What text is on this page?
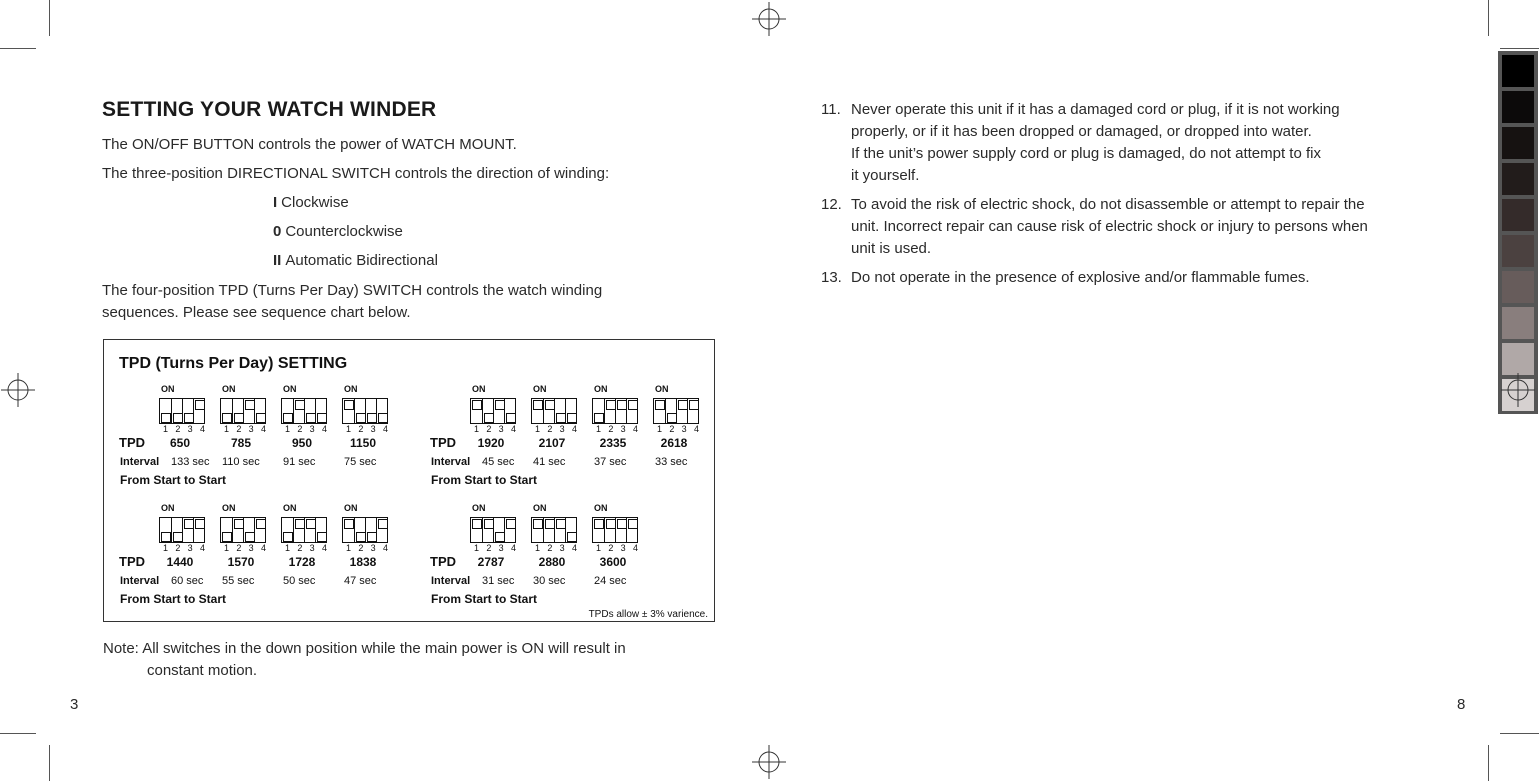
SETTING YOUR WATCH WINDER

The ON/OFF BUTTON controls the power of WATCH MOUNT.

The three-position DIRECTIONAL SWITCH controls the direction of winding:

I Clockwise
0 Counterclockwise
II Automatic Bidirectional

The four-position TPD (Turns Per Day) SWITCH controls the watch winding

sequences. Please see sequence chart below.

TPD (Turns Per Day) SETTING
TPDs allow ± 3% varience.
ON
1 2 3 4
650
133 sec
ON
1 2 3 4
785
110 sec
ON
1 2 3 4
950
91 sec
ON
1 2 3 4
1150
75 sec
TPD
Interval
From Start to Start
ON
1 2 3 4
1920
45 sec
ON
1 2 3 4
2107
41 sec
ON
1 2 3 4
2335
37 sec
ON
1 2 3 4
2618
33 sec
TPD
Interval
From Start to Start
ON
1 2 3 4
1440
60 sec
ON
1 2 3 4
1570
55 sec
ON
1 2 3 4
1728
50 sec
ON
1 2 3 4
1838
47 sec
TPD
Interval
From Start to Start
ON
1 2 3 4
2787
31 sec
ON
1 2 3 4
2880
30 sec
ON
1 2 3 4
3600
24 sec
TPD
Interval
From Start to Start
Note: All switches in the down position while the main power is ON will result in
constant motion.
3
11. Never operate this unit if it has a damaged cord or plug, if it is not working
properly, or if it has been dropped or damaged, or dropped into water.
If the unit’s power supply cord or plug is damaged, do not attempt to fix
it yourself.
12. To avoid the risk of electric shock, do not disassemble or attempt to repair the
unit. Incorrect repair can cause risk of electric shock or injury to persons when
unit is used.
13. Do not operate in the presence of explosive and/or flammable fumes.
8
